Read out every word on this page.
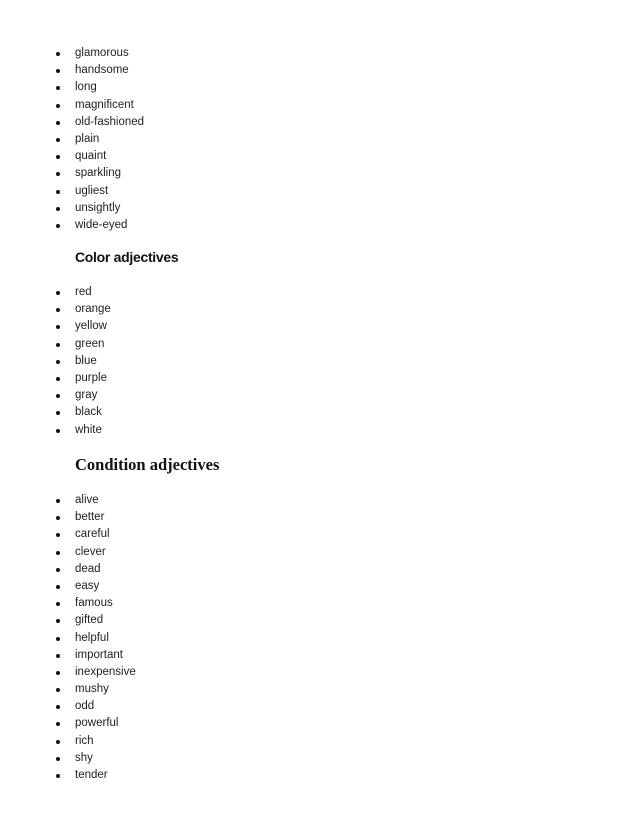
glamorous
handsome
long
magnificent
old-fashioned
plain
quaint
sparkling
ugliest
unsightly
wide-eyed
Color adjectives
red
orange
yellow
green
blue
purple
gray
black
white
Condition adjectives
alive
better
careful
clever
dead
easy
famous
gifted
helpful
important
inexpensive
mushy
odd
powerful
rich
shy
tender
